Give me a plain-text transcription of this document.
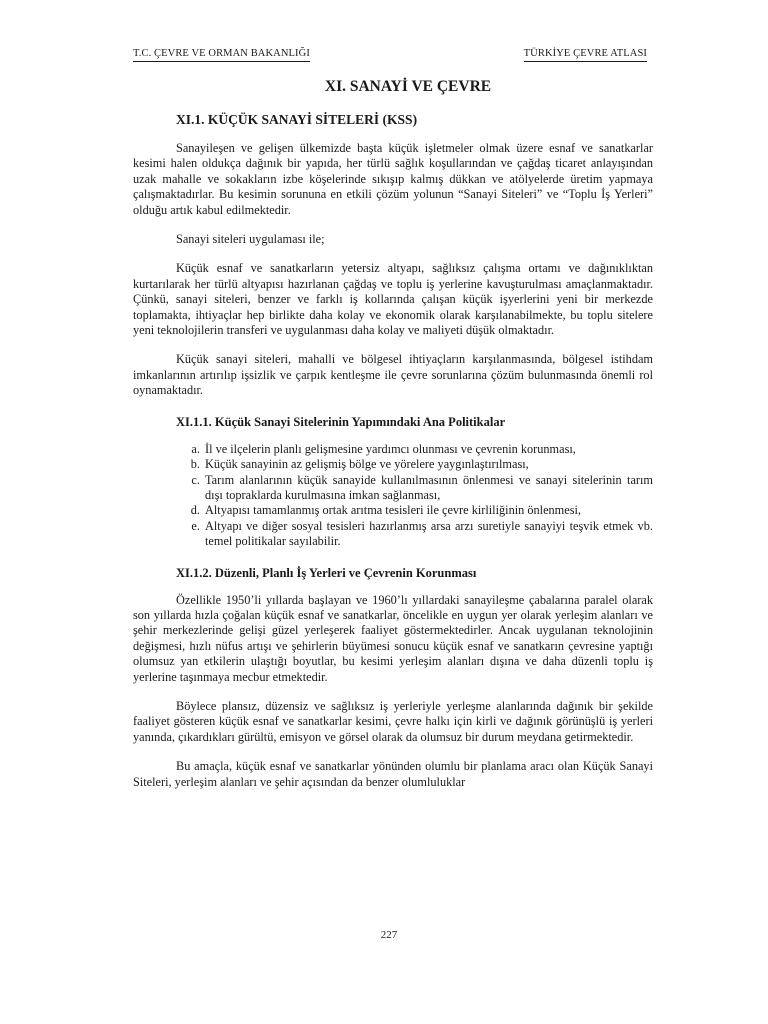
T.C. ÇEVRE VE ORMAN BAKANLIĞI	TÜRKİYE ÇEVRE ATLASI
XI. SANAYİ VE ÇEVRE
XI.1. KÜÇÜK SANAYİ SİTELERİ (KSS)

Sanayileşen ve gelişen ülkemizde başta küçük işletmeler olmak üzere esnaf ve sanatkarlar kesimi halen oldukça dağınık bir yapıda, her türlü sağlık koşullarından ve çağdaş ticaret anlayışından uzak mahalle ve sokakların izbe köşelerinde sıkışıp kalmış dükkan ve atölyelerde üretim yapmaya çalışmaktadırlar. Bu kesimin sorununa en etkili çözüm yolunun “Sanayi Siteleri” ve “Toplu İş Yerleri” olduğu artık kabul edilmektedir.

Sanayi siteleri uygulaması ile;

Küçük esnaf ve sanatkarların yetersiz altyapı, sağlıksız çalışma ortamı ve dağınıklıktan kurtarılarak her türlü altyapısı hazırlanan çağdaş ve toplu iş yerlerine kavuşturulması amaçlanmaktadır. Çünkü, sanayi siteleri, benzer ve farklı iş kollarında çalışan küçük işyerlerini yeni bir merkezde toplamakta, ihtiyaçlar hep birlikte daha kolay ve ekonomik olarak karşılanabilmekte, bu toplu sitelere yeni teknolojilerin transferi ve uygulanması daha kolay ve maliyeti düşük olmaktadır.

Küçük sanayi siteleri, mahalli ve bölgesel ihtiyaçların karşılanmasında, bölgesel istihdam imkanlarının artırılıp işsizlik ve çarpık kentleşme ile çevre sorunlarına çözüm bulunmasında önemli rol oynamaktadır.

XI.1.1. Küçük Sanayi Sitelerinin Yapımındaki Ana Politikalar
a. İl ve ilçelerin planlı gelişmesine yardımcı olunması ve çevrenin korunması,
b. Küçük sanayinin az gelişmiş bölge ve yörelere yaygınlaştırılması,
c. Tarım alanlarının küçük sanayide kullanılmasının önlenmesi ve sanayi sitelerinin tarım dışı topraklarda kurulmasına imkan sağlanması,
d. Altyapısı tamamlanmış ortak arıtma tesisleri ile çevre kirliliğinin önlenmesi,
e. Altyapı ve diğer sosyal tesisleri hazırlanmış arsa arzı suretiyle sanayiyi teşvik etmek vb. temel politikalar sayılabilir.
XI.1.2. Düzenli, Planlı İş Yerleri ve Çevrenin Korunması

Özellikle 1950’li yıllarda başlayan ve 1960’lı yıllardaki sanayileşme çabalarına paralel olarak son yıllarda hızla çoğalan küçük esnaf ve sanatkarlar, öncelikle en uygun yer olarak yerleşim alanları ve şehir merkezlerinde gelişi güzel yerleşerek faaliyet göstermektedirler. Ancak uygulanan teknolojinin değişmesi, hızlı nüfus artışı ve şehirlerin büyümesi sonucu küçük esnaf ve sanatkarın çevresine yaptığı olumsuz yan etkilerin ulaştığı boyutlar, bu kesimi yerleşim alanları dışına ve daha düzenli toplu iş yerlerine taşınmaya mecbur etmektedir.

Böylece plansız, düzensiz ve sağlıksız iş yerleriyle yerleşme alanlarında dağınık bir şekilde faaliyet gösteren küçük esnaf ve sanatkarlar kesimi, çevre halkı için kirli ve dağınık görünüşlü iş yerleri yanında, çıkardıkları gürültü, emisyon ve görsel olarak da olumsuz bir durum meydana getirmektedir.

Bu amaçla, küçük esnaf ve sanatkarlar yönünden olumlu bir planlama aracı olan Küçük Sanayi Siteleri, yerleşim alanları ve şehir açısından da benzer olumluluklar

227
